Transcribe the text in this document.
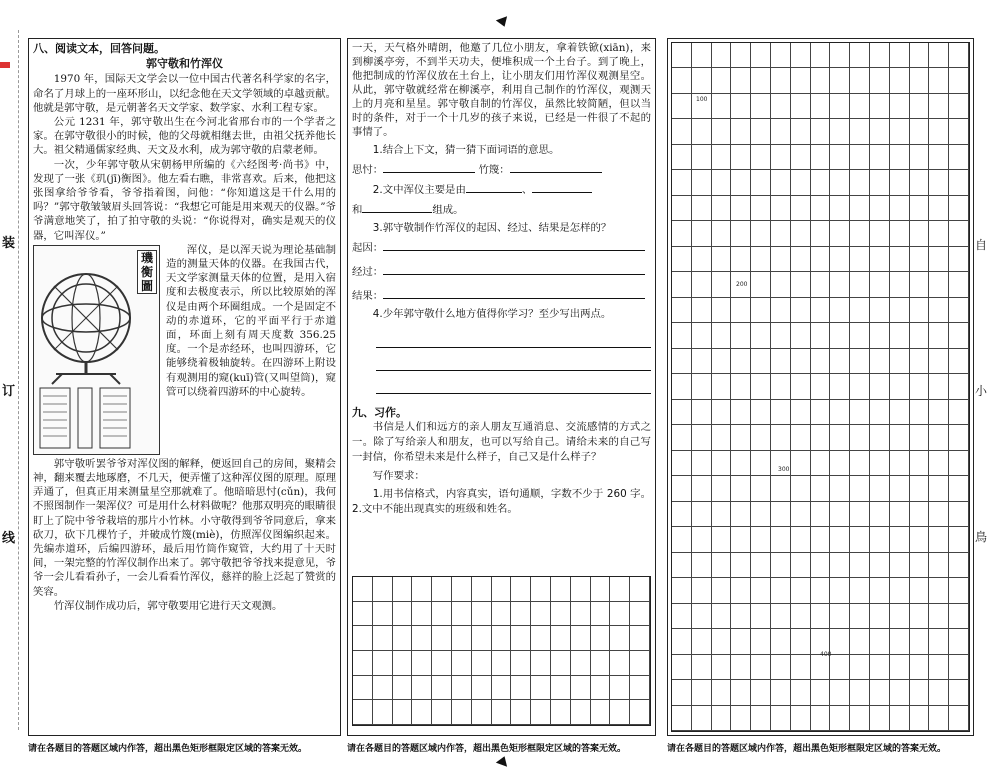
装
订
线
自
小
鳥
八、阅读文本，回答问题。
郭守敬和竹浑仪

1970 年，国际天文学会以一位中国古代著名科学家的名字，命名了月球上的一座环形山，以纪念他在天文学领域的卓越贡献。他就是郭守敬，是元朝著名天文学家、数学家、水利工程专家。

公元 1231 年，郭守敬出生在今河北省邢台市的一个学者之家。在郭守敬很小的时候，他的父母就相继去世，由祖父抚养他长大。祖父精通儒家经典、天文及水利，成为郭守敬的启蒙老师。

一次，少年郭守敬从宋朝杨甲所编的《六经图考·尚书》中，发现了一张《玑(jī)衡图》。他左看右瞧，非常喜欢。后来，他把这张图拿给爷爷看，爷爷指着图，问他：“你知道这是干什么用的吗？”郭守敬皱皱眉头回答说：“我想它可能是用来观天的仪器。”爷爷满意地笑了，拍了拍守敬的头说：“你说得对，确实是观天的仪器，它叫浑仪。”

璣衡圖

浑仪，是以浑天说为理论基础制造的测量天体的仪器。在我国古代，天文学家测量天体的位置，是用入宿度和去极度表示，所以比较原始的浑仪是由两个环圈组成。一个是固定不动的赤道环，它的平面平行于赤道面，环面上刻有周天度数 356.25 度。一个是赤经环，也叫四游环，它能够绕着极轴旋转。在四游环上附设有观测用的窥(kuī)管(又叫望筒)，窥管可以绕着四游环的中心旋转。

郭守敬听罢爷爷对浑仪图的解释，便返回自己的房间，聚精会神，翻来覆去地琢磨，不几天，便弄懂了这种浑仪图的原理。原理弄通了，但真正用来测量星空那就难了。他暗暗思忖(cǔn)，我何不照图制作一架浑仪？可是用什么材料做呢？他那双明亮的眼睛很盯上了院中爷爷栽培的那片小竹林。小守敬得到爷爷同意后，拿来砍刀，砍下几棵竹子，并破成竹篾(miè)，仿照浑仪图编织起来。先编赤道环，后编四游环，最后用竹筒作窥管，大约用了十天时间，一架完整的竹浑仪制作出来了。郭守敬把爷爷找来提意见，爷爷一会儿看看孙子，一会儿看看竹浑仪，慈祥的脸上泛起了赞赏的笑容。

竹浑仪制作成功后，郭守敬要用它进行天文观测。

一天，天气格外晴朗，他邀了几位小朋友，拿着铁锨(xiān)，来到柳溪亭旁，不到半天功夫，便堆积成一个土台子。到了晚上，他把制成的竹浑仪放在土台上，让小朋友们用竹浑仪观测星空。从此，郭守敬就经常在柳溪亭，利用自己制作的竹浑仪，观测天上的月亮和星星。郭守敬自制的竹浑仪，虽然比较简陋，但以当时的条件，对于一个十几岁的孩子来说，已经是一件很了不起的事情了。

1.结合上下文，猜一猜下面词语的意思。
思忖：	竹篾：
2.文中浑仪主要是由	、
和	组成。
3.郭守敬制作竹浑仪的起因、经过、结果是怎样的？
起因：
经过：
结果：
4.少年郭守敬什么地方值得你学习？至少写出两点。
九、习作。

书信是人们和远方的亲人朋友互通消息、交流感情的方式之一。除了写给亲人和朋友，也可以写给自己。请给未来的自己写一封信，你希望未来是什么样子，自己又是什么样子？

写作要求：

1.用书信格式，内容真实，语句通顺，字数不少于 260 字。2.文中不能出现真实的班级和姓名。

100
200
300
400
请在各题目的答题区域内作答，超出黑色矩形框限定区域的答案无效。	请在各题目的答题区域内作答，超出黑色矩形框限定区域的答案无效。	请在各题目的答题区域内作答，超出黑色矩形框限定区域的答案无效。
